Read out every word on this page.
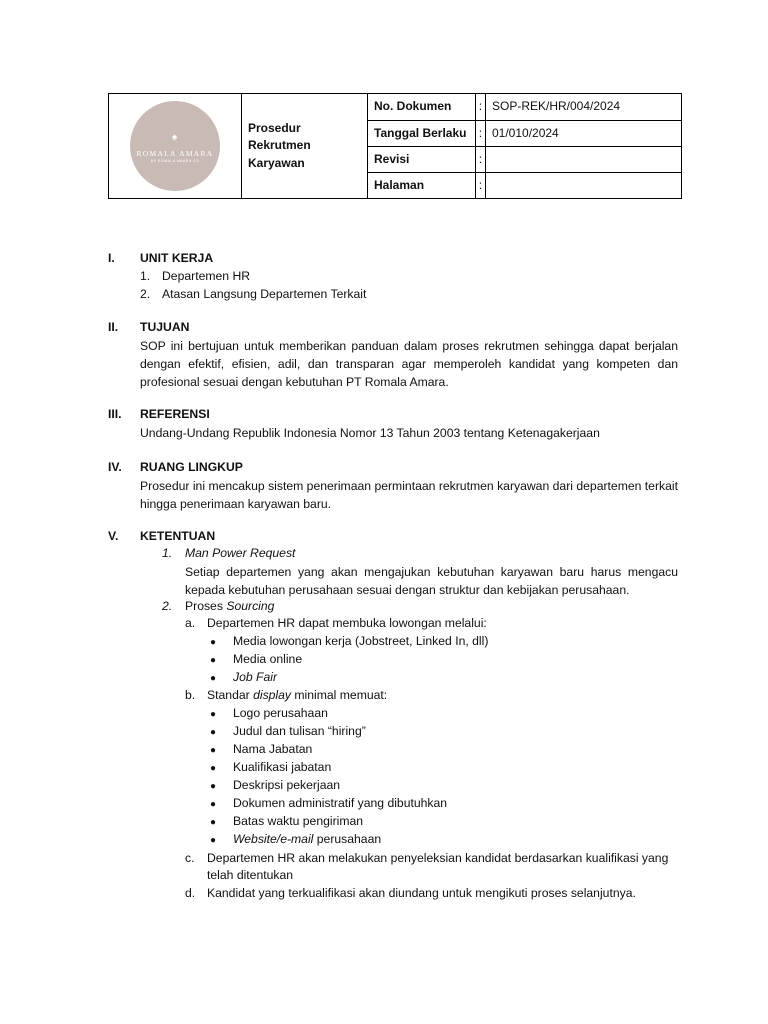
♠
ROMALA AMARA
BY ROMALA AMARA CO	Prosedur Rekrutmen Karyawan	No. Dokumen	:	SOP-REK/HR/004/2024
		Tanggal Berlaku	:	01/010/2024
		Revisi	:	
		Halaman	:	
I. UNIT KERJA
1. Departemen HR
2. Atasan Langsung Departemen Terkait
II. TUJUAN
SOP ini bertujuan untuk memberikan panduan dalam proses rekrutmen sehingga dapat berjalan dengan efektif, efisien, adil, dan transparan agar memperoleh kandidat yang kompeten dan profesional sesuai dengan kebutuhan PT Romala Amara.
III. REFERENSI
Undang-Undang Republik Indonesia Nomor 13 Tahun 2003 tentang Ketenagakerjaan
IV. RUANG LINGKUP
Prosedur ini mencakup sistem penerimaan permintaan rekrutmen karyawan dari departemen terkait hingga penerimaan karyawan baru.
V. KETENTUAN
1. Man Power Request
Setiap departemen yang akan mengajukan kebutuhan karyawan baru harus mengacu kepada kebutuhan perusahaan sesuai dengan struktur dan kebijakan perusahaan.
2. Proses Sourcing
a. Departemen HR dapat membuka lowongan melalui:
● Media lowongan kerja (Jobstreet, Linked In, dll)
● Media online
● Job Fair
b. Standar display minimal memuat:
● Logo perusahaan
● Judul dan tulisan “hiring”
● Nama Jabatan
● Kualifikasi jabatan
● Deskripsi pekerjaan
● Dokumen administratif yang dibutuhkan
● Batas waktu pengiriman
● Website/e-mail perusahaan
c. Departemen HR akan melakukan penyeleksian kandidat berdasarkan kualifikasi yang
telah ditentukan
d. Kandidat yang terkualifikasi akan diundang untuk mengikuti proses selanjutnya.
